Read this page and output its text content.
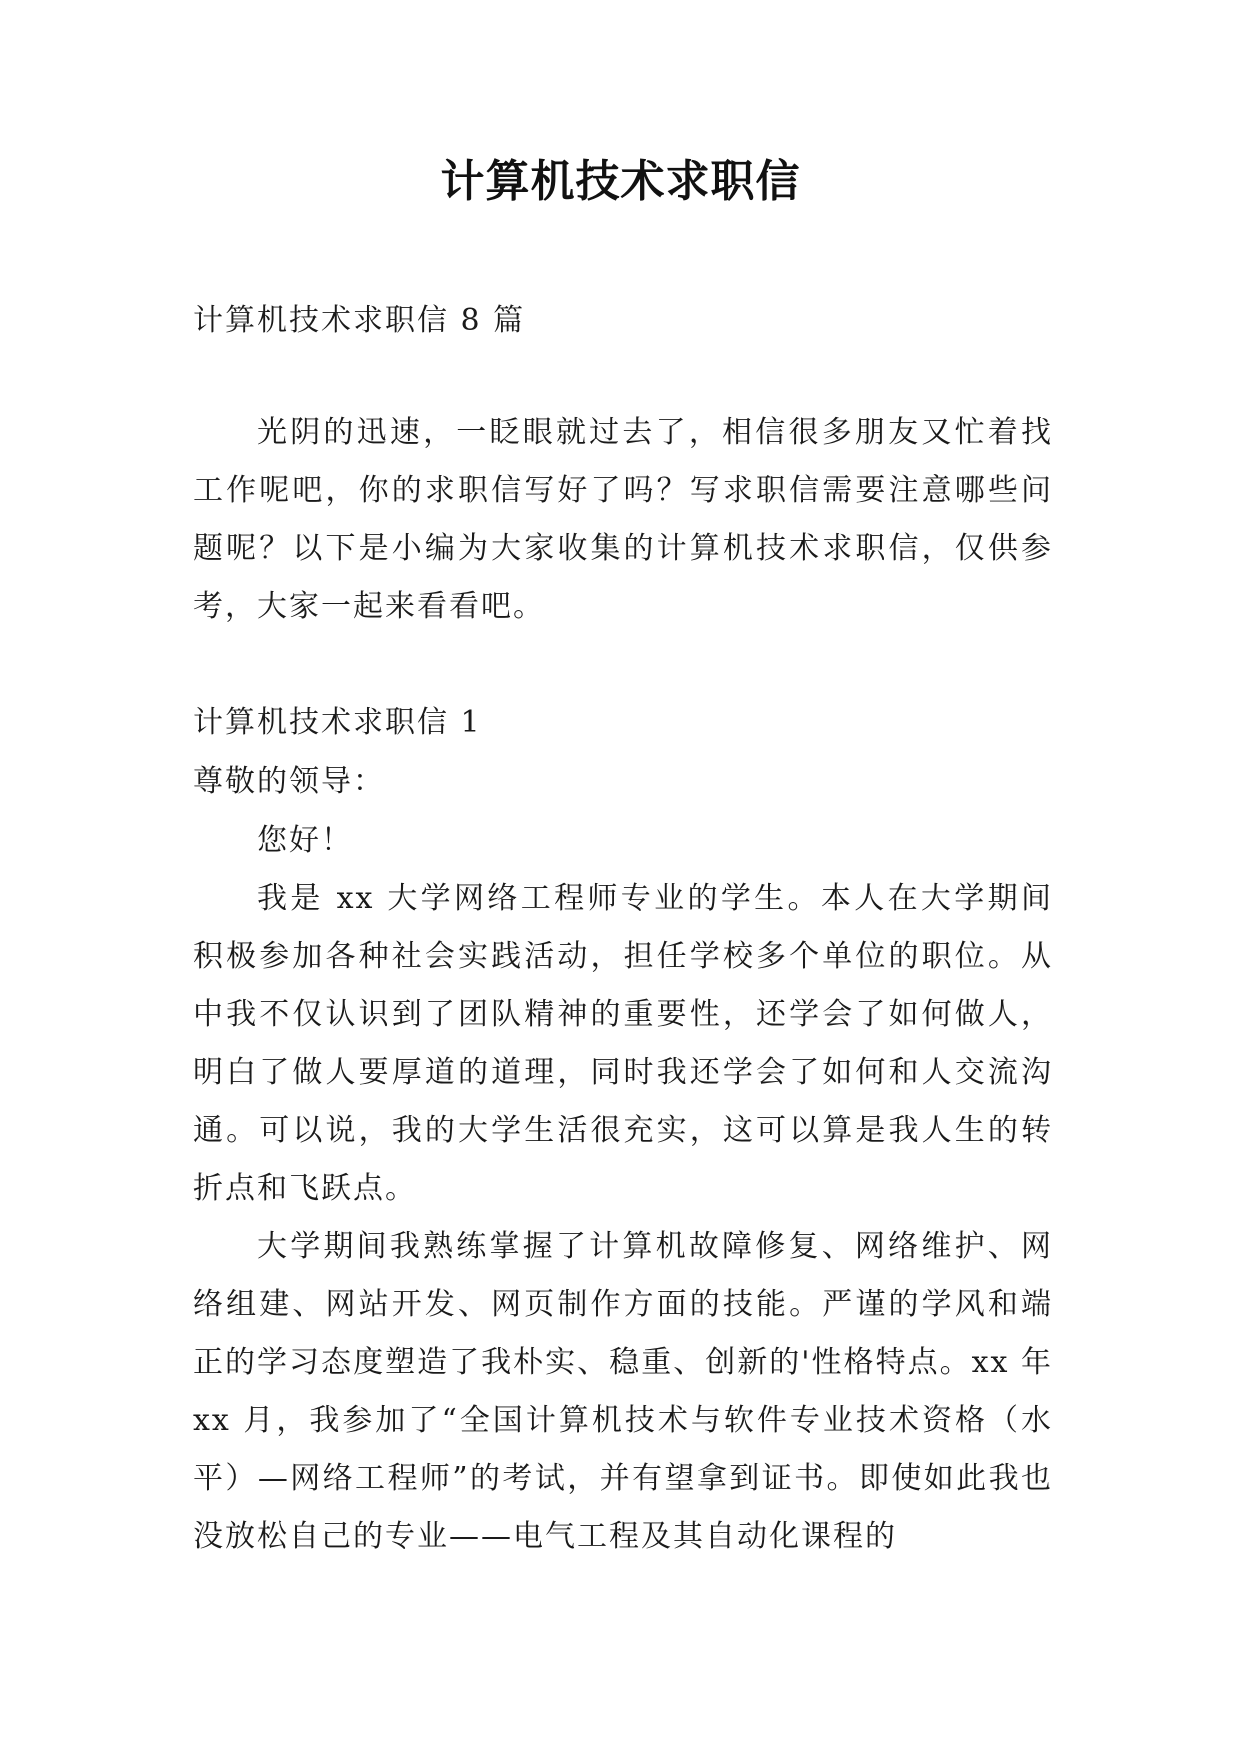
计算机技术求职信

计算机技术求职信 8 篇

光阴的迅速，一眨眼就过去了，相信很多朋友又忙着找工作呢吧，你的求职信写好了吗？写求职信需要注意哪些问题呢？以下是小编为大家收集的计算机技术求职信，仅供参考，大家一起来看看吧。

计算机技术求职信 1

尊敬的领导：

您好！

我是 xx 大学网络工程师专业的学生。本人在大学期间积极参加各种社会实践活动，担任学校多个单位的职位。从中我不仅认识到了团队精神的重要性，还学会了如何做人，明白了做人要厚道的道理，同时我还学会了如何和人交流沟通。可以说，我的大学生活很充实，这可以算是我人生的转折点和飞跃点。

大学期间我熟练掌握了计算机故障修复、网络维护、网络组建、网站开发、网页制作方面的技能。严谨的学风和端正的学习态度塑造了我朴实、稳重、创新的'性格特点。xx 年 xx 月，我参加了“全国计算机技术与软件专业技术资格（水平）—网络工程师”的考试，并有望拿到证书。即使如此我也没放松自己的专业——电气工程及其自动化课程的
